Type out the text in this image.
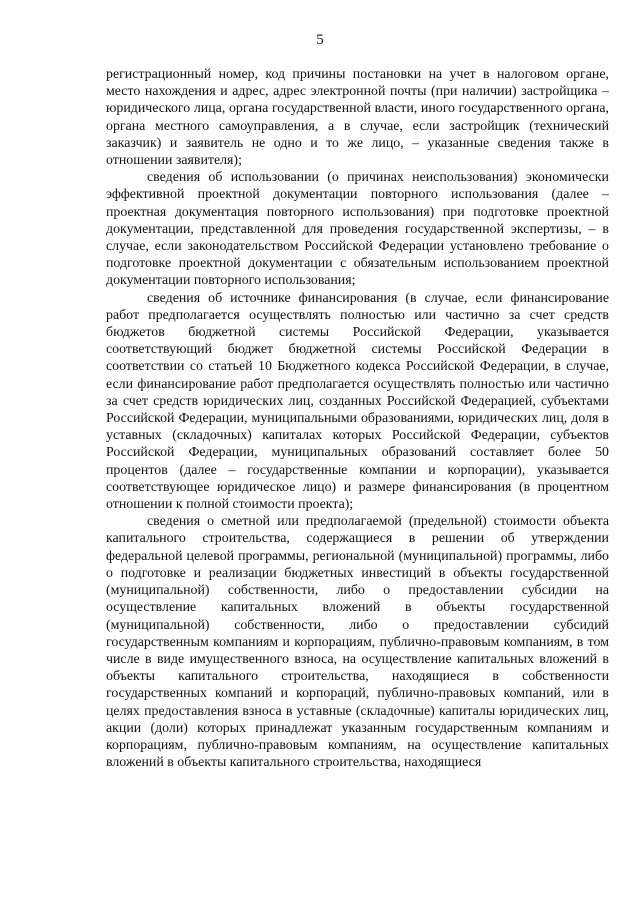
5

регистрационный номер, код причины постановки на учет в налоговом органе, место нахождения и адрес, адрес электронной почты (при наличии) застройщика – юридического лица, органа государственной власти, иного государственного органа, органа местного самоуправления, а в случае, если застройщик (технический заказчик) и заявитель не одно и то же лицо, – указанные сведения также в отношении заявителя);

сведения об использовании (о причинах неиспользования) экономически эффективной проектной документации повторного использования (далее – проектная документация повторного использования) при подготовке проектной документации, представленной для проведения государственной экспертизы, – в случае, если законодательством Российской Федерации установлено требование о подготовке проектной документации с обязательным использованием проектной документации повторного использования;

сведения об источнике финансирования (в случае, если финансирование работ предполагается осуществлять полностью или частично за счет средств бюджетов бюджетной системы Российской Федерации, указывается соответствующий бюджет бюджетной системы Российской Федерации в соответствии со статьей 10 Бюджетного кодекса Российской Федерации, в случае, если финансирование работ предполагается осуществлять полностью или частично за счет средств юридических лиц, созданных Российской Федерацией, субъектами Российской Федерации, муниципальными образованиями, юридических лиц, доля в уставных (складочных) капиталах которых Российской Федерации, субъектов Российской Федерации, муниципальных образований составляет более 50 процентов (далее – государственные компании и корпорации), указывается соответствующее юридическое лицо) и размере финансирования (в процентном отношении к полной стоимости проекта);

сведения о сметной или предполагаемой (предельной) стоимости объекта капитального строительства, содержащиеся в решении об утверждении федеральной целевой программы, региональной (муниципальной) программы, либо о подготовке и реализации бюджетных инвестиций в объекты государственной (муниципальной) собственности, либо о предоставлении субсидии на осуществление капитальных вложений в объекты государственной (муниципальной) собственности, либо о предоставлении субсидий государственным компаниям и корпорациям, публично-правовым компаниям, в том числе в виде имущественного взноса, на осуществление капитальных вложений в объекты капитального строительства, находящиеся в собственности государственных компаний и корпораций, публично-правовых компаний, или в целях предоставления взноса в уставные (складочные) капиталы юридических лиц, акции (доли) которых принадлежат указанным государственным компаниям и корпорациям, публично-правовым компаниям, на осуществление капитальных вложений в объекты капитального строительства, находящиеся
